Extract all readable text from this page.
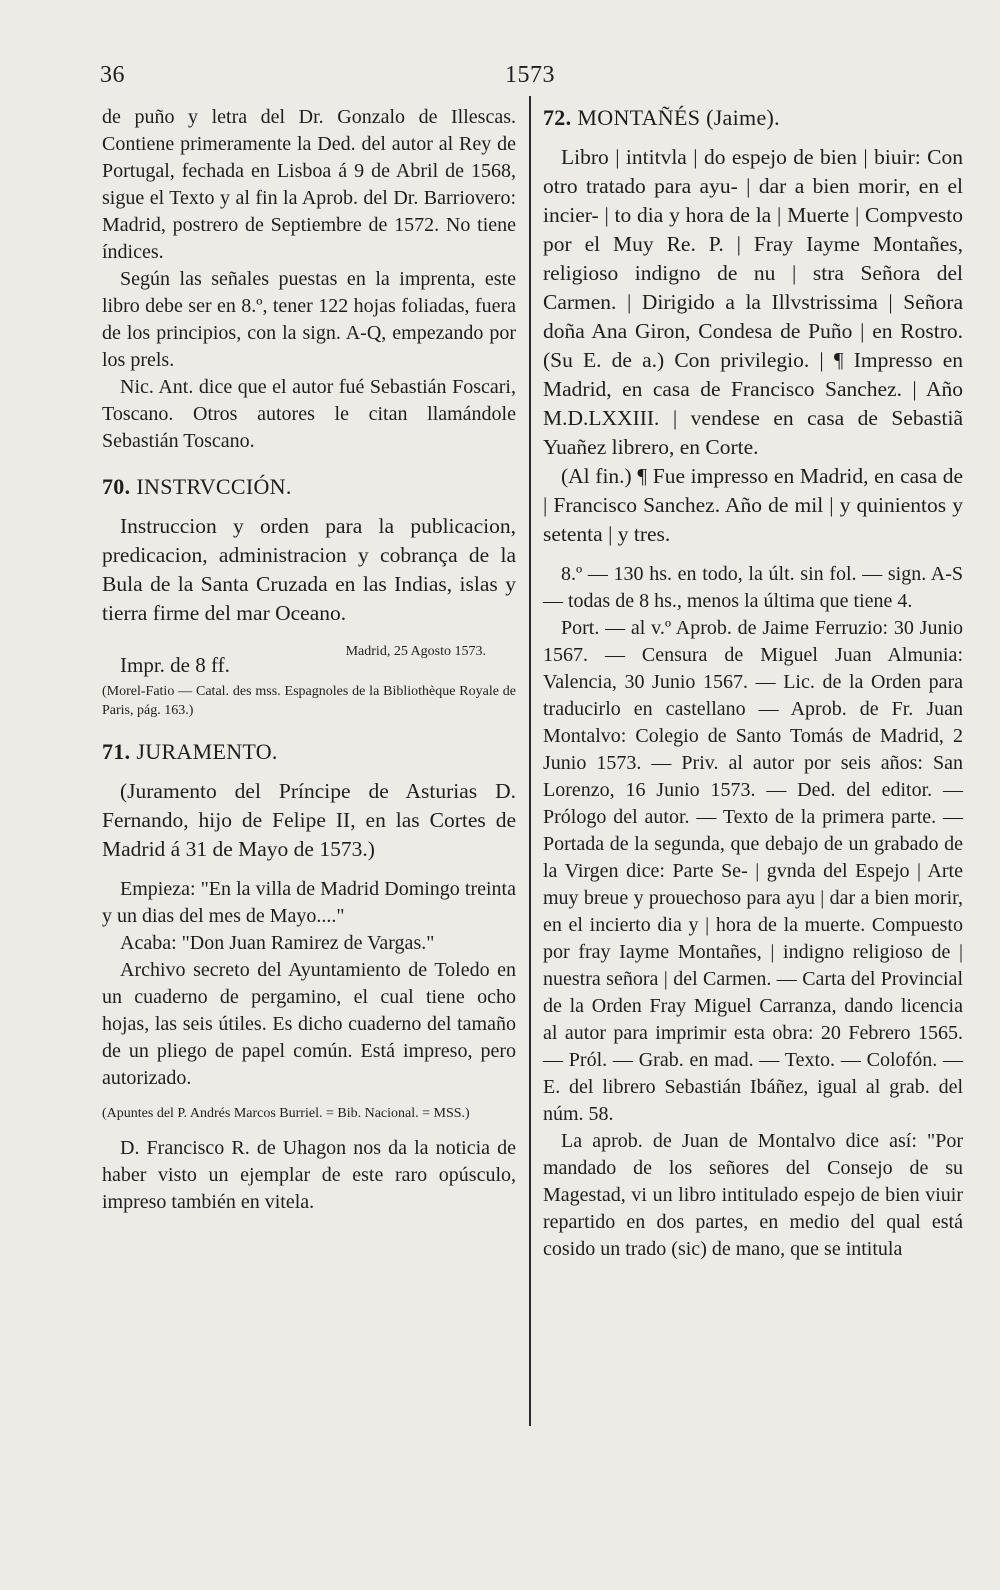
36	1573

de puño y letra del Dr. Gonzalo de Illescas. Contiene primeramente la Ded. del autor al Rey de Portugal, fechada en Lisboa á 9 de Abril de 1568, sigue el Texto y al fin la Aprob. del Dr. Barriovero: Madrid, postrero de Septiembre de 1572. No tiene índices.

Según las señales puestas en la imprenta, este libro debe ser en 8.º, tener 122 hojas foliadas, fuera de los principios, con la sign. A-Q, empezando por los prels.

Nic. Ant. dice que el autor fué Sebastián Foscari, Toscano. Otros autores le citan llamándole Sebastián Toscano.

70. INSTRVCCIÓN.

Instruccion y orden para la publicacion, predicacion, administracion y cobrança de la Bula de la Santa Cruzada en las Indias, islas y tierra firme del mar Oceano.

Madrid, 25 Agosto 1573.
Impr. de 8 ff.

(Morel-Fatio — Catal. des mss. Espagnoles de la Bibliothèque Royale de Paris, pág. 163.)

71. JURAMENTO.

(Juramento del Príncipe de Asturias D. Fernando, hijo de Felipe II, en las Cortes de Madrid á 31 de Mayo de 1573.)

Empieza: "En la villa de Madrid Domingo treinta y un dias del mes de Mayo...."

Acaba: "Don Juan Ramirez de Vargas."

Archivo secreto del Ayuntamiento de Toledo en un cuaderno de pergamino, el cual tiene ocho hojas, las seis útiles. Es dicho cuaderno del tamaño de un pliego de papel común. Está impreso, pero autorizado.

(Apuntes del P. Andrés Marcos Burriel. = Bib. Nacional. = MSS.)

D. Francisco R. de Uhagon nos da la noticia de haber visto un ejemplar de este raro opúsculo, impreso también en vitela.

72. MONTAÑÉS (Jaime).

Libro | intitvla | do espejo de bien | biuir: Con otro tratado para ayu- | dar a bien morir, en el incier- | to dia y hora de la | Muerte | Compvesto por el Muy Re. P. | Fray Iayme Montañes, religioso indigno de nu | stra Señora del Carmen. | Dirigido a la Illvstrissima | Señora doña Ana Giron, Condesa de Puño | en Rostro. (Su E. de a.) Con privilegio. | ¶ Impresso en Madrid, en casa de Francisco Sanchez. | Año M.D.LXXIII. | vendese en casa de Sebastiã Yuañez librero, en Corte.

(Al fin.) ¶ Fue impresso en Madrid, en casa de | Francisco Sanchez. Año de mil | y quinientos y setenta | y tres.

8.º — 130 hs. en todo, la últ. sin fol. — sign. A-S — todas de 8 hs., menos la última que tiene 4.

Port. — al v.º Aprob. de Jaime Ferruzio: 30 Junio 1567. — Censura de Miguel Juan Almunia: Valencia, 30 Junio 1567. — Lic. de la Orden para traducirlo en castellano — Aprob. de Fr. Juan Montalvo: Colegio de Santo Tomás de Madrid, 2 Junio 1573. — Priv. al autor por seis años: San Lorenzo, 16 Junio 1573. — Ded. del editor. — Prólogo del autor. — Texto de la primera parte. — Portada de la segunda, que debajo de un grabado de la Virgen dice: Parte Se- | gvnda del Espejo | Arte muy breue y prouechoso para ayu | dar a bien morir, en el incierto dia y | hora de la muerte. Compuesto por fray Iayme Montañes, | indigno religioso de | nuestra señora | del Carmen. — Carta del Provincial de la Orden Fray Miguel Carranza, dando licencia al autor para imprimir esta obra: 20 Febrero 1565. — Pról. — Grab. en mad. — Texto. — Colofón. — E. del librero Sebastián Ibáñez, igual al grab. del núm. 58.

La aprob. de Juan de Montalvo dice así: "Por mandado de los señores del Consejo de su Magestad, vi un libro intitulado espejo de bien viuir repartido en dos partes, en medio del qual está cosido un trado (sic) de mano, que se intitula
